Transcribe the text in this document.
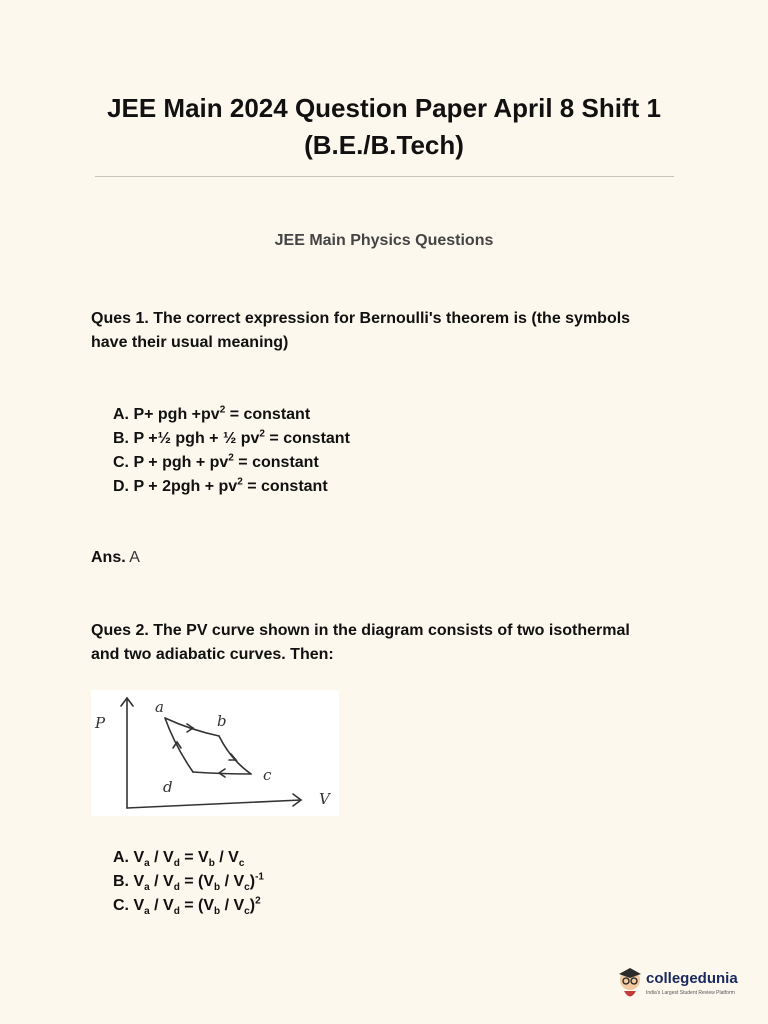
JEE Main 2024 Question Paper April 8 Shift 1
(B.E./B.Tech)
JEE Main Physics Questions
Ques 1. The correct expression for Bernoulli's theorem is (the symbols have their usual meaning)
A. P+ pgh $+pv^2$ = constant
B. P +½ pgh + ½ $pv^2$ = constant
C. P + pgh + $pv^2$ = constant
D. $P + 2pgh + pv^2$ = constant
Ans. A
Ques 2. The PV curve shown in the diagram consists of two isothermal and two adiabatic curves. Then:
P
a
b
c
d
V
A. $V_a / V_d = V_b / V_c$
B. $V_a / V_d = (V_b / V_c)^{-1}$
C. $V_a / V_d = (V_b / V_c)^2$
collegedunia
India's Largest Student Review Platform
